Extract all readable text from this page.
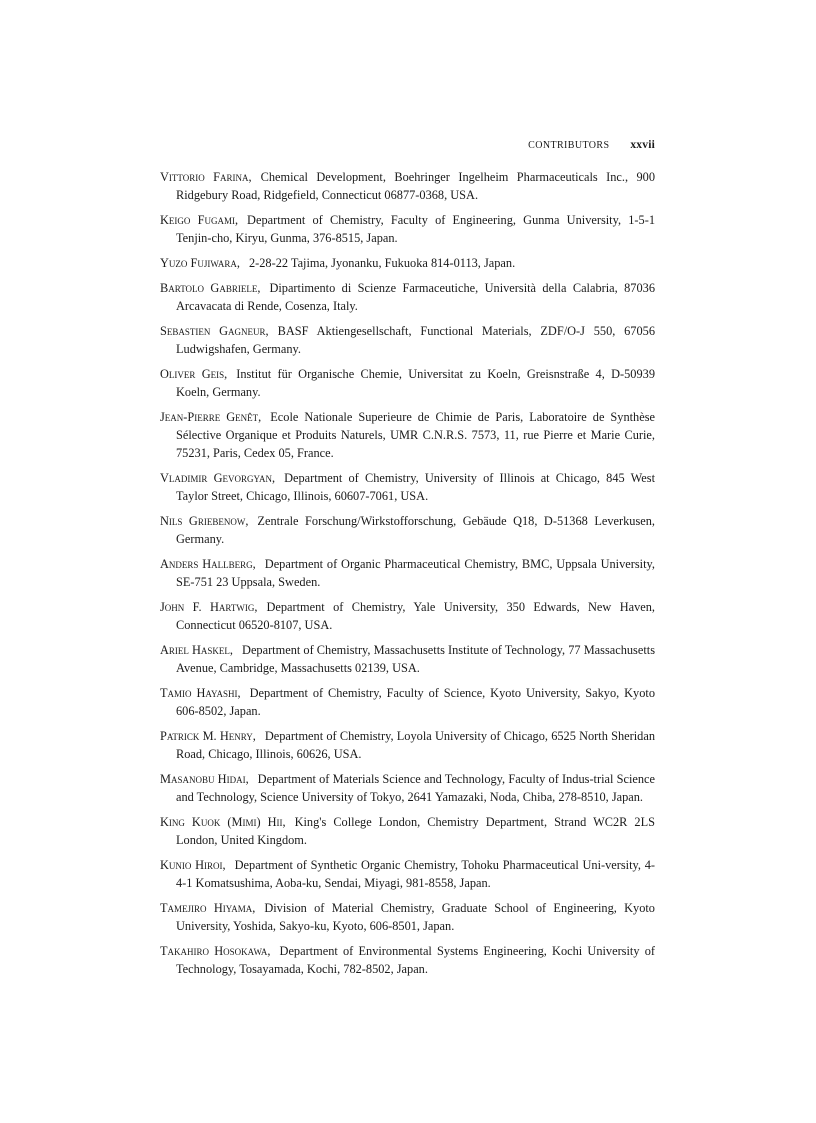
CONTRIBUTORS xxvii

Vittorio Farina, Chemical Development, Boehringer Ingelheim Pharmaceuticals Inc., 900 Ridgebury Road, Ridgefield, Connecticut 06877-0368, USA.

Keigo Fugami, Department of Chemistry, Faculty of Engineering, Gunma University, 1-5-1 Tenjin-cho, Kiryu, Gunma, 376-8515, Japan.

Yuzo Fujiwara, 2-28-22 Tajima, Jyonanku, Fukuoka 814-0113, Japan.

Bartolo Gabriele, Dipartimento di Scienze Farmaceutiche, Università della Calabria, 87036 Arcavacata di Rende, Cosenza, Italy.

Sebastien Gagneur, BASF Aktiengesellschaft, Functional Materials, ZDF/O-J 550, 67056 Ludwigshafen, Germany.

Oliver Geis, Institut für Organische Chemie, Universitat zu Koeln, Greisnstraße 4, D-50939 Koeln, Germany.

Jean-Pierre Genêt, Ecole Nationale Superieure de Chimie de Paris, Laboratoire de Synthèse Sélective Organique et Produits Naturels, UMR C.N.R.S. 7573, 11, rue Pierre et Marie Curie, 75231, Paris, Cedex 05, France.

Vladimir Gevorgyan, Department of Chemistry, University of Illinois at Chicago, 845 West Taylor Street, Chicago, Illinois, 60607-7061, USA.

Nils Griebenow, Zentrale Forschung/Wirkstofforschung, Gebäude Q18, D-51368 Leverkusen, Germany.

Anders Hallberg, Department of Organic Pharmaceutical Chemistry, BMC, Uppsala University, SE-751 23 Uppsala, Sweden.

John F. Hartwig, Department of Chemistry, Yale University, 350 Edwards, New Haven, Connecticut 06520-8107, USA.

Ariel Haskel, Department of Chemistry, Massachusetts Institute of Technology, 77 Massachusetts Avenue, Cambridge, Massachusetts 02139, USA.

Tamio Hayashi, Department of Chemistry, Faculty of Science, Kyoto University, Sakyo, Kyoto 606-8502, Japan.

Patrick M. Henry, Department of Chemistry, Loyola University of Chicago, 6525 North Sheridan Road, Chicago, Illinois, 60626, USA.

Masanobu Hidai, Department of Materials Science and Technology, Faculty of Indus-trial Science and Technology, Science University of Tokyo, 2641 Yamazaki, Noda, Chiba, 278-8510, Japan.

King Kuok (Mimi) Hii, King's College London, Chemistry Department, Strand WC2R 2LS London, United Kingdom.

Kunio Hiroi, Department of Synthetic Organic Chemistry, Tohoku Pharmaceutical Uni-versity, 4-4-1 Komatsushima, Aoba-ku, Sendai, Miyagi, 981-8558, Japan.

Tamejiro Hiyama, Division of Material Chemistry, Graduate School of Engineering, Kyoto University, Yoshida, Sakyo-ku, Kyoto, 606-8501, Japan.

Takahiro Hosokawa, Department of Environmental Systems Engineering, Kochi University of Technology, Tosayamada, Kochi, 782-8502, Japan.
